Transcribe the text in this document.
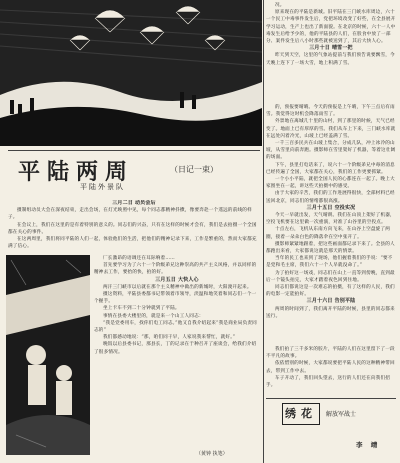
平陆两周	（日记一束）
平陆外景队

三月二日 动员会后

摄制组动员大会在深夜结束，走出会场，在灯光映照中见，每个同志都精神抖擞，像要奔赴一个遥远的前线的样子。

在会议上，我们在这里的是有着特别的意义的。同志们的兴奋，只有在这样的时候才会有，我们是去拍摄一个全国都在关心的事件。

在这两周里，我们将同平陆的人们一起，体验他们的生活，把他们的精神记录下来，工作是繁重的，然而大家都充满了信心。

厂长激昂的语调还在耳际响着……

首先要学习为了六十一个阶级弟兄这种崇高的共产主义风格，并以同样的精神去工作，要抬的快，拍的好。

三月五日 大快人心

两汗三门峡市以后就在那个主义精神中做出的新城时，大阳渡开起来。

摄这资料，平陆县委都书记带领着市领导，淡温和地笑着和同志们一个一个握手。

坐上卡车不到二十分钟就到了平陆。

事情在县委大楼里的，就是来一个山工人同志：

“我是党委用车，找你们电工同志。”他又自我介绍起来“我是商业局负责同志的”

我们都感动地说：“那，咱们同干早，人家说我来帮忙，就好。”

晚饭以后县委书记，那县长，丁的记录在于种召开了座谈会，给我们介绍了很多情况。

况。

原来现在的平陆是新城。旧平陆在三门峡水库周边，六十一个民工中毒事件发生后，党把环境改变了好些，在全县展开学习运动，生产上也出了新面貌。在北京的时候，六十一人中毒发生后给予少的，他的平陆县的人们，在股食中放了一部分、案件发生后八小时那些就被送到了，其后大快人心。

三月十日 晴雪一把

昨天到天空，这里的气象站提前与我们预告说要飘雪，今天晚上连下了一场大雪，地上积满了雪。

的，预报要晴晴。今天的预报是上午晴，下午三点后有雨雪。我觉得这时机会降落雨雪了。

外景地在离城几十里的山村，到了那里的时候，天气已经变了。地面上已有厚厚的雪。我们从车上下来，三门峡水库就在远处闪着冷光，山坡上已经盖满了雪。

一千三百多民兵在山坡上集合，分成几队，冲上冰冷的山坡，从雪里向前奔跑。摄影师在雪里架好了机器，等着这壮阔的场面。

下午，县里打电话来了，说六十一个阶级弟兄中毒的消息已经传遍了全国，大家都在关心，我们的工作更要抓紧。

一个小小平陆，就把全国人民的心都连在一起了。晚上大家围坐在一起，讲这些天拍摄中的感受。

由于大家的辛苦，我们的工作进展得很快，全部材料已经送回北京，同志们的情绪都很高涨。

三月十五日 空投实况

今天一早就出发，天气晴朗。我们在山顶上架好了机器，空投飞机要在这里做一次重演，对准了山谷里的空投点。

十点左右，飞机从东南方向飞来，在山谷上空盘旋了两圈，接着一朵朵白色的降落伞在空中张开了。

摄影师紧紧地跟着，把这些画面都记录下来了。全县的人都跑出来看，大家都说这就是那天的情景。

当年的民工也来到了现场，他们握着我们的手说：“要不是党和毛主席，我们六十一个人早就没命了。”

为了拍好这一场戏，同志们在山上一直等到傍晚，直到最后一个镜头拍完，大家才踏着夜色回到住地。

同志们都说这是一次难忘的拍摄，有了这样的人民，我们的电影一定能拍好。

三月十六日 告别平陆

两周的时间到了，我们离开平陆的时候，县里的同志都来送行。

我们拍了三千多米的胶片，平陆的人们在这里留下了一段不平凡的故事。

依依惜别的时候，大家都说要把平陆人民的这种精神带回去，带到工作中去。

车子开动了，我们回头望去，送行的人们还在向我们招手。

（黄钟 执笔）
绣花	解放军战士
李 靖
